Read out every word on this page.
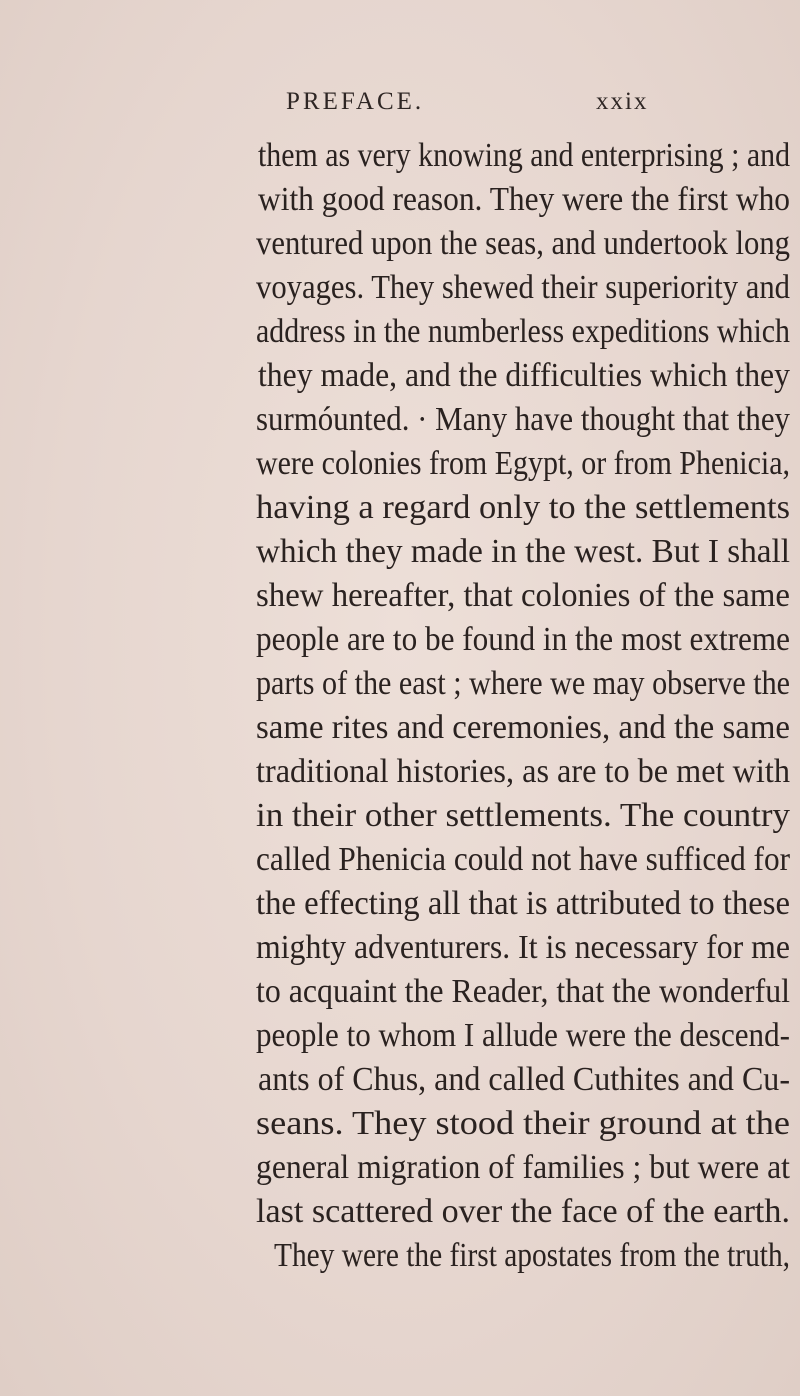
PREFACE.	xxix
them as very knowing and enterprising ; and
with good reason. They were the first who
ventured upon the seas, and undertook long
voyages. They shewed their superiority and
address in the numberless expeditions which
they made, and the difficulties which they
surmóunted. · Many have thought that they
were colonies from Egypt, or from Phenicia,
having a regard only to the settlements
which they made in the west. But I shall
shew hereafter, that colonies of the same
people are to be found in the most extreme
parts of the east ; where we may observe the
same rites and ceremonies, and the same
traditional histories, as are to be met with
in their other settlements. The country
called Phenicia could not have sufficed for
the effecting all that is attributed to these
mighty adventurers. It is necessary for me
to acquaint the Reader, that the wonderful
people to whom I allude were the descend-
ants of Chus, and called Cuthites and Cu-
seans. They stood their ground at the
general migration of families ; but were at
last scattered over the face of the earth.
They were the first apostates from the truth,
